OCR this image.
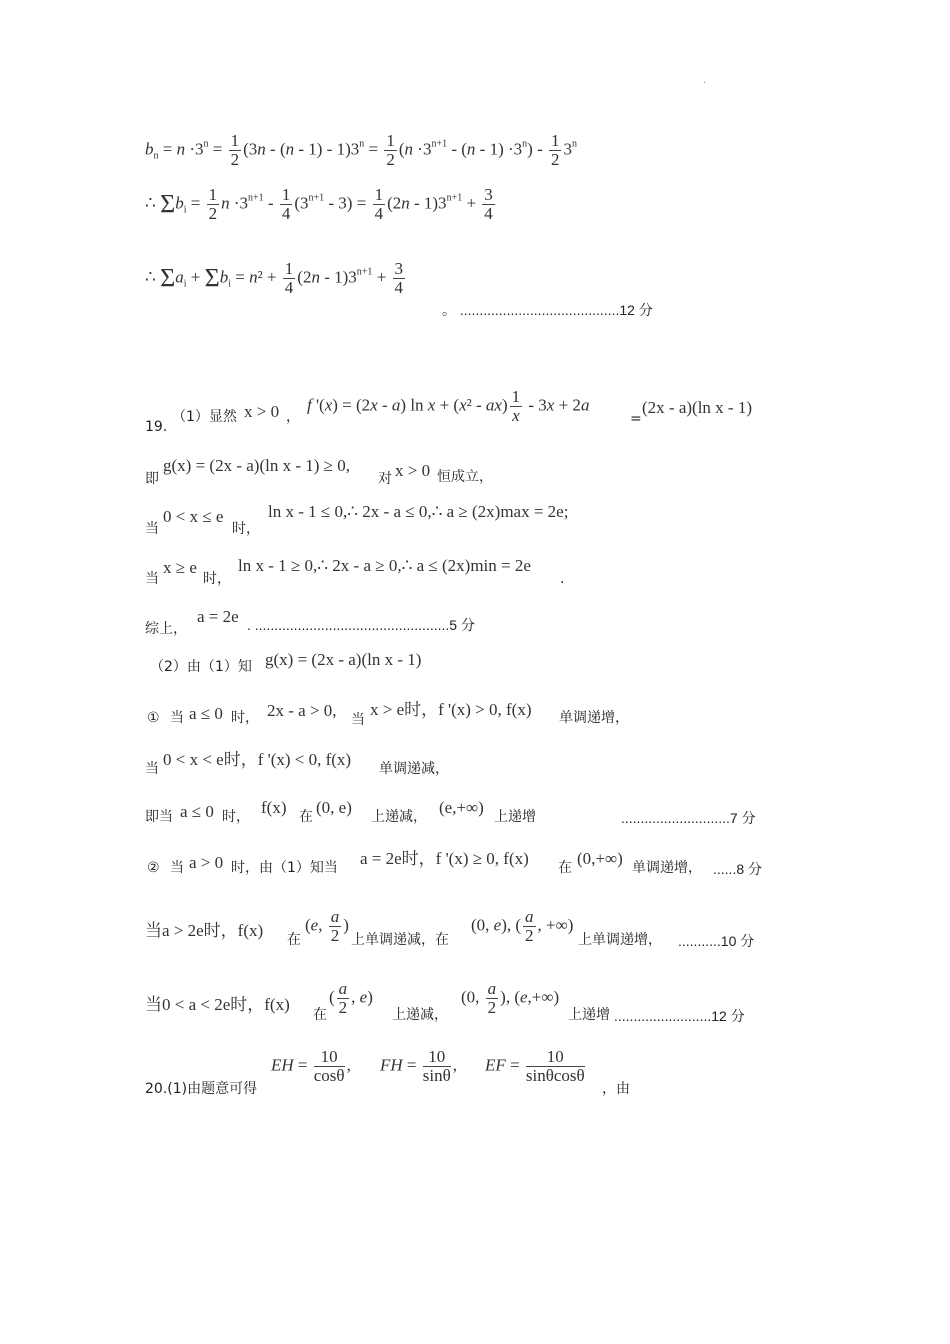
·
$b_n = n \cdot 3^n = \frac{1}{2} (3n - (n - 1) - 1)3^n = \frac{1}{2} (n \cdot 3^{n+1} - (n - 1) \cdot 3^n) - \frac{1}{2} 3^n$
∴ $\Sigma b_i = \frac{1}{2}$ $n \cdot 3^{n+1} - \frac{1}{4} (3^{n+1} - 3) = \frac{1}{4} (2n - 1)3^{n+1} + \frac{3}{4}$
∴ $\Sigma a_i + \Sigma b_i = n^2 + \frac{1}{4} (2n - 1)3^{n+1} + \frac{3}{4}$
。 .........................................12 分
f '(x) = (2x - a) $\ln x + (x^2 - ax) \frac{1}{x} - 3x + 2a$
19.
（1）显然 x > 0 ，	=
(2x - a)(ln x - 1)
即
g(x) = (2x - a)(ln x - 1) ≥ 0,
对 x > 0 恒成立，
当
0 < x ≤ e
时，
ln x - 1 ≤ 0,∴ 2x - a ≤ 0,∴ a ≥ (2x)max = 2e;
当
x ≥ e
时，
ln x - 1 ≥ 0,∴ 2x - a ≥ 0,∴ a ≤ (2x)min = 2e
.
综上，
a = 2e . ..................................................5 分
（2）由（1）知 g(x) = (2x - a)(ln x - 1)
① 当 a ≤ 0 时， 2x - a > 0, 当
x > e时，f '(x) > 0, f(x) 单调递增，
当 0 < x < e时，f '(x) < 0, f(x) 单调递减，
即当 a ≤ 0 时， f(x) 在 (0, e) 上递减， (e,+∞) 上递增	............................7 分
② 当 a > 0 时，由（1）知当 a = 2e时，f '(x) ≥ 0, f(x) 在 (0,+∞) 单调递增， ......8 分
当a > 2e时，f(x) 在
(e, $\frac{a}{2}$ )
上单调递减，在
(0, e), ( $\frac{a}{2}$ , +∞)
上单调递增， ...........10 分
当0 < a < 2e时，f(x)
在
( $\frac{a}{2}$ , e)
上递减，
(0, $\frac{a}{2}$ ), (e,+∞)
上递增 .........................12 分
20.(1)由题意可得
EH = $\frac{10}{\cos\theta}$ , FH = $\frac{10}{\sin\theta}$ , EF = $\frac{10}{\sin\theta\cos\theta}$
，由
